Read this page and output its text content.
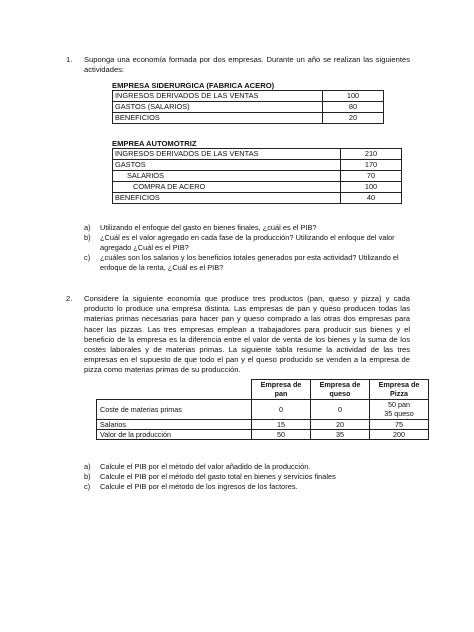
1. Suponga una economía formada por dos empresas. Durante un año se realizan las siguientes actividades:
EMPRESA SIDERURGICA (FABRICA ACERO)
INGRESOS DERIVADOS DE LAS VENTAS	100
GASTOS (SALARIOS)	80
BENEFICIOS	20
EMPREA AUTOMOTRIZ
INGRESOS DERIVADOS DE LAS VENTAS	210
GASTOS	170
SALARIOS	70
COMPRA DE ACERO	100
BENEFICIOS	40
a) Utilizando el enfoque del gasto en bienes finales, ¿cuál es el PIB?
b) ¿Cuál es el valor agregado en cada fase de la producción? Utilizando el enfoque del valor agregado ¿Cuál es el PIB?
c) ¿cuáles son los salarios y los beneficios totales generados por esta actividad? Utilizando el enfoque de la renta, ¿Cuál es el PIB?
2. Considere la siguiente economía que produce tres productos (pan, queso y pizza) y cada producto lo produce una empresa distinta. Las empresas de pan y queso producen todas las materias primas necesarias para hacer pan y queso comprado a las otras dos empresas para hacer las pizzas. Las tres empresas emplean a trabajadores para producir sus bienes y el beneficio de la empresa es la diferencia entre el valor de venta de los bienes y la suma de los costes laborales y de materias primas. La siguiente tabla resume la actividad de las tres empresas en el supuesto de que todo el pan y el queso producido se venden a la empresa de pizza como materias primas de su producción.
	Empresa de pan	Empresa de queso	Empresa de Pizza
Coste de materias primas	0	0	50 pan
35 queso
Salarios	15	20	75
Valor de la producción	50	35	200
a) Calcule el PIB por el método del valor añadido de la producción.
b) Calcule el PIB por el método del gasto total en bienes y servicios finales
c) Calcule el PIB por el método de los ingresos de los factores.
